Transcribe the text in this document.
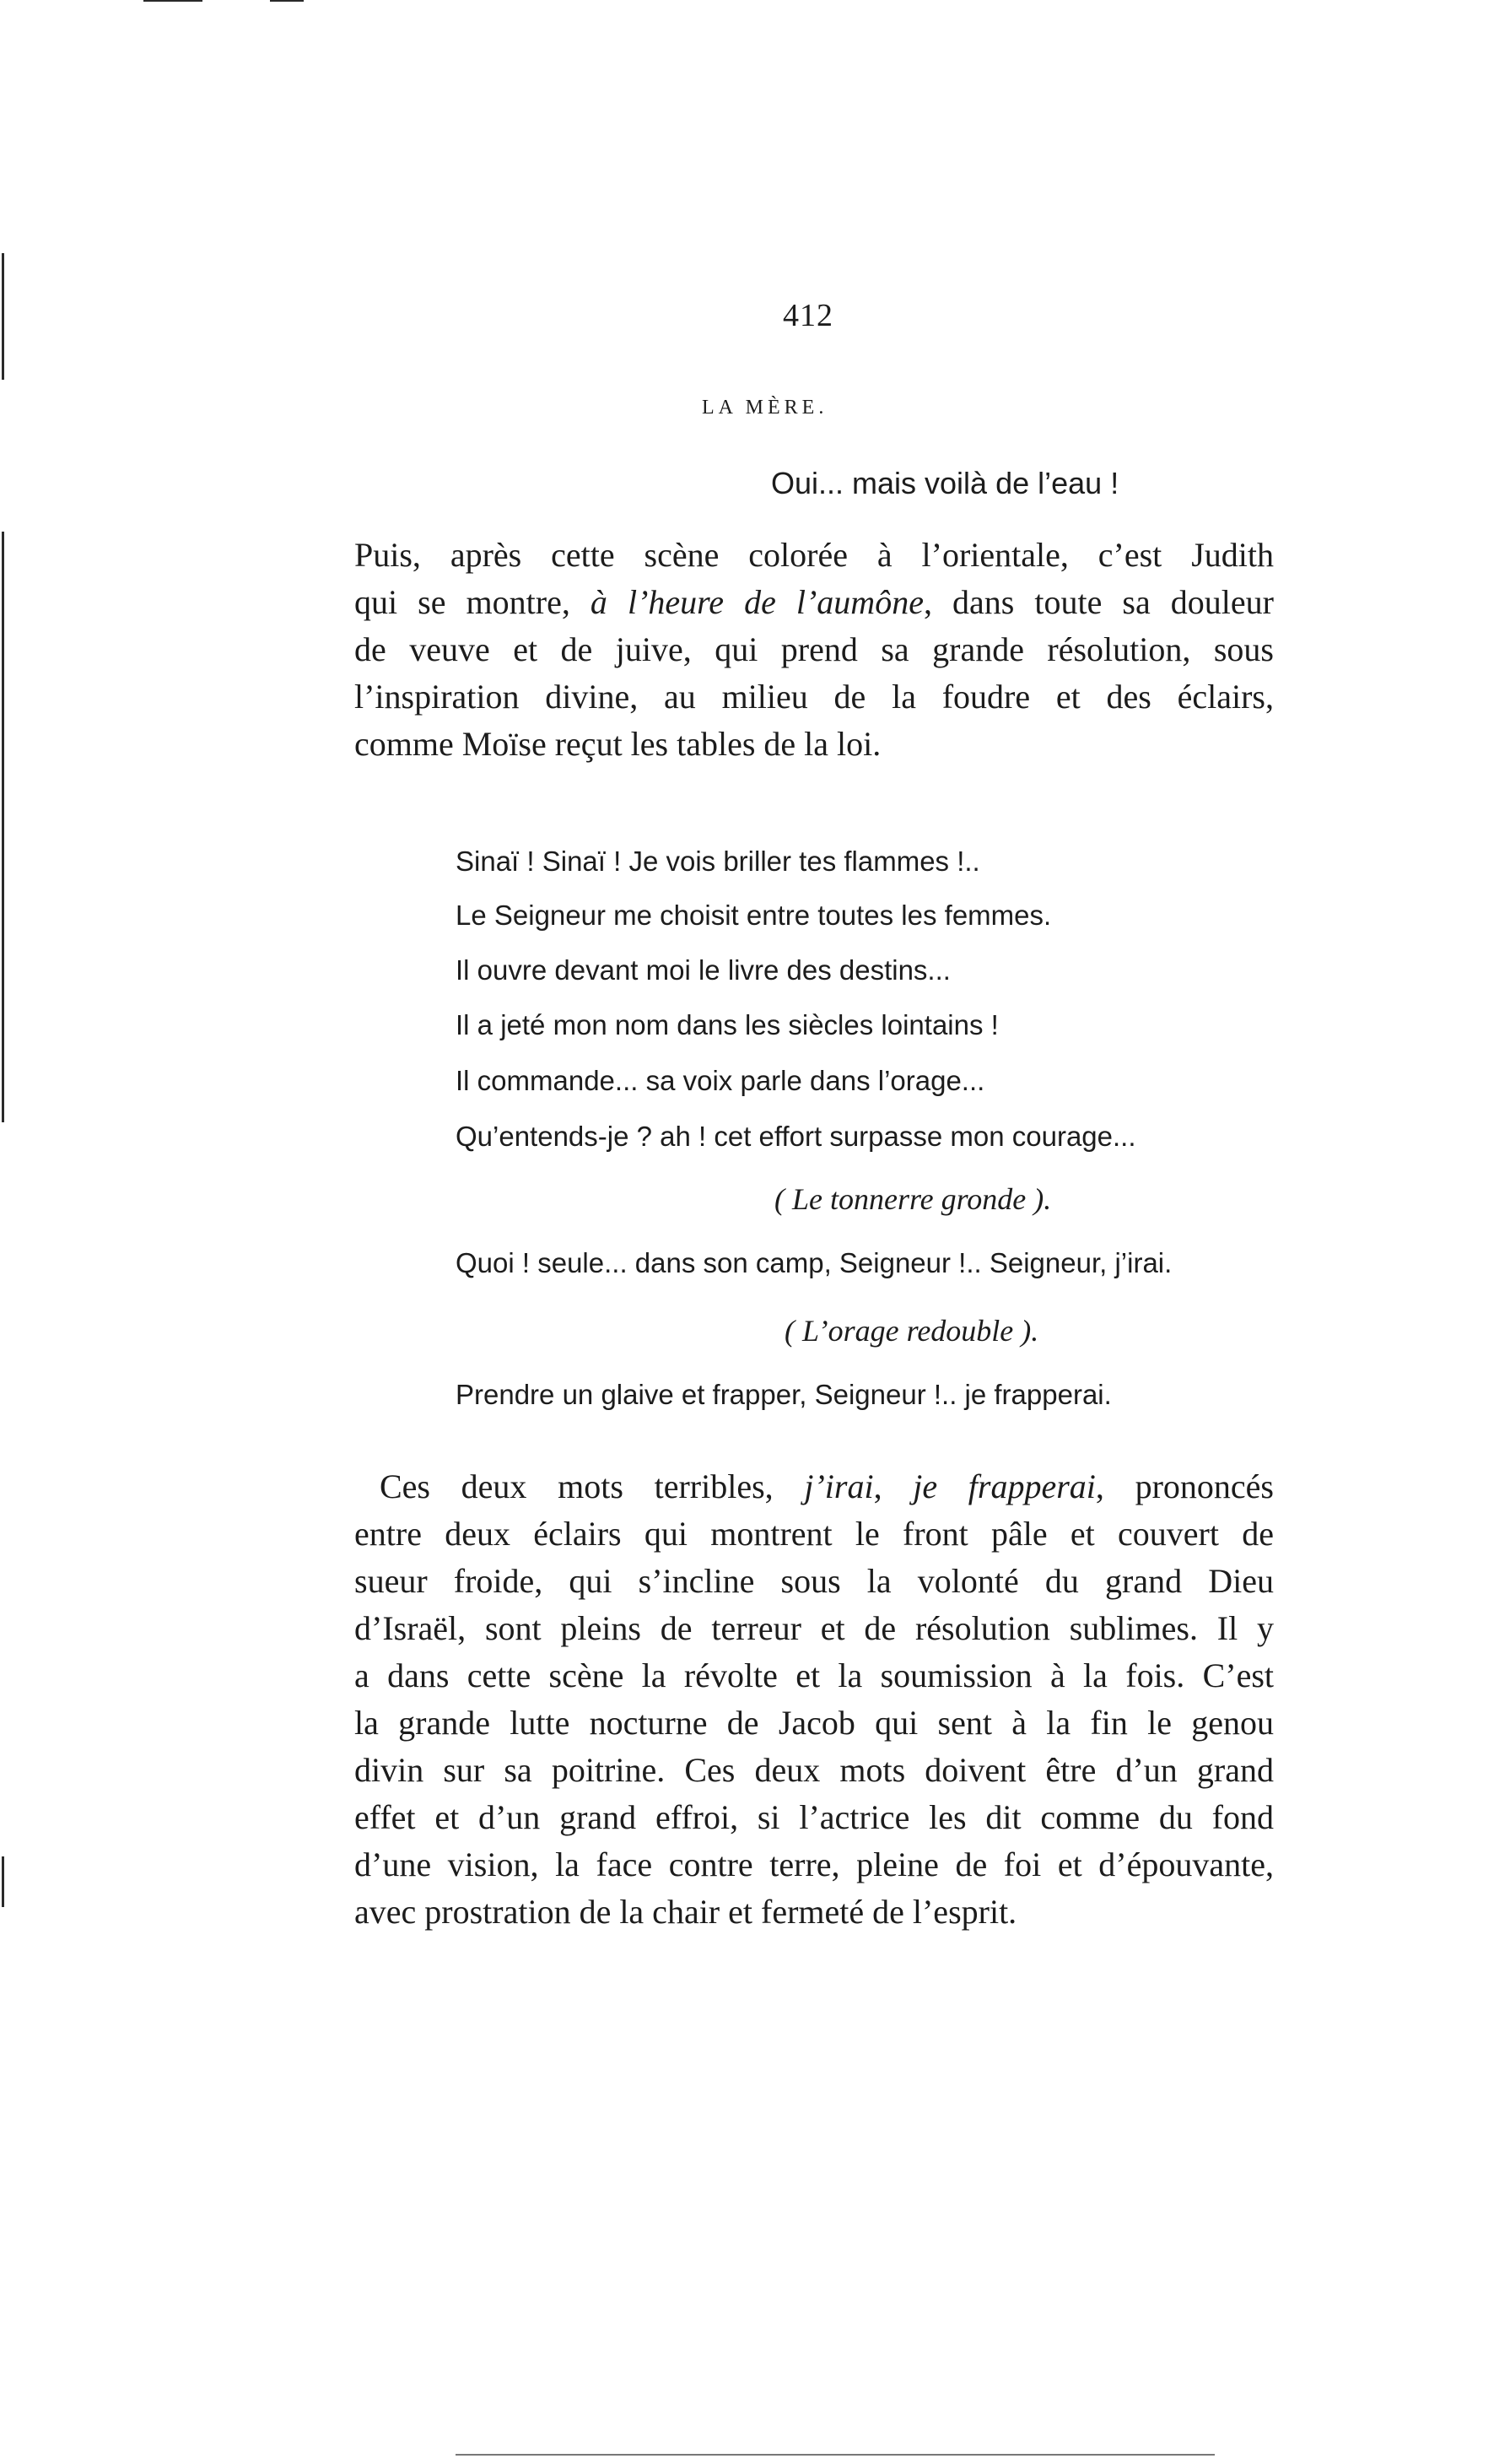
412
LA MÈRE.
Oui... mais voilà de l’eau !
Puis, après cette scène colorée à l’orientale, c’est Judith
qui se montre, à l’heure de l’aumône, dans toute sa douleur
de veuve et de juive, qui prend sa grande résolution, sous
l’inspiration divine, au milieu de la foudre et des éclairs,
comme Moïse reçut les tables de la loi.
Sinaï ! Sinaï ! Je vois briller tes flammes !..
Le Seigneur me choisit entre toutes les femmes.
Il ouvre devant moi le livre des destins...
Il a jeté mon nom dans les siècles lointains !
Il commande... sa voix parle dans l’orage...
Qu’entends-je ? ah ! cet effort surpasse mon courage...
( Le tonnerre gronde ).
Quoi ! seule... dans son camp, Seigneur !.. Seigneur, j’irai.
( L’orage redouble ).
Prendre un glaive et frapper, Seigneur !.. je frapperai.
Ces deux mots terribles, j’irai, je frapperai, prononcés
entre deux éclairs qui montrent le front pâle et couvert de
sueur froide, qui s’incline sous la volonté du grand Dieu
d’Israël, sont pleins de terreur et de résolution sublimes. Il y
a dans cette scène la révolte et la soumission à la fois. C’est
la grande lutte nocturne de Jacob qui sent à la fin le genou
divin sur sa poitrine. Ces deux mots doivent être d’un grand
effet et d’un grand effroi, si l’actrice les dit comme du fond
d’une vision, la face contre terre, pleine de foi et d’épouvante,
avec prostration de la chair et fermeté de l’esprit.
